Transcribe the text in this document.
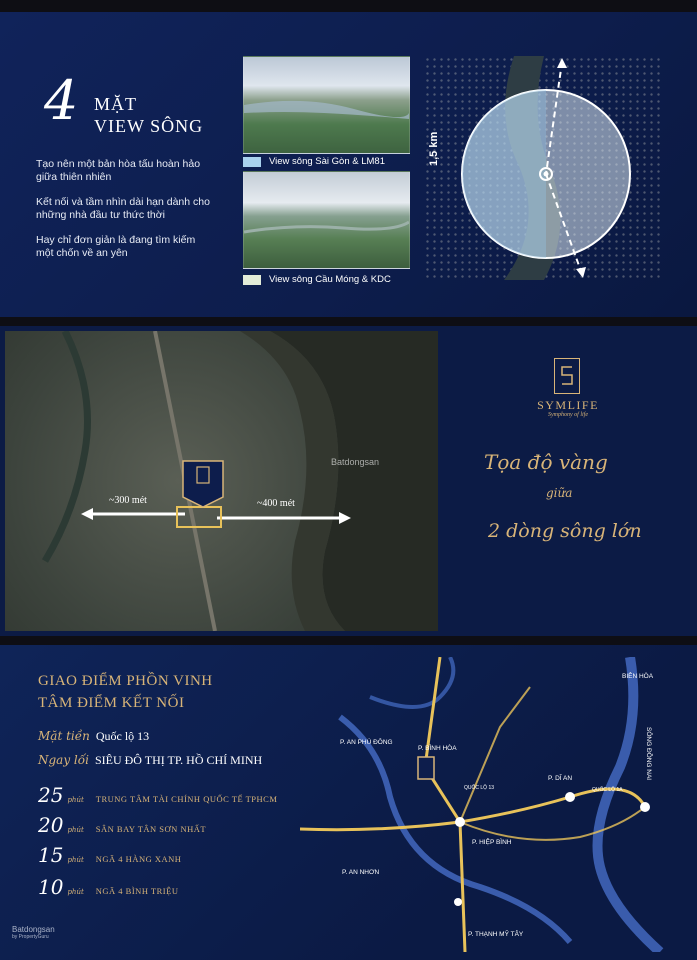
4 MẶT
VIEW SÔNG
Tạo nên một bản hòa tấu hoàn hảo
giữa thiên nhiên
Kết nối và tầm nhìn dài hạn dành cho
những nhà đầu tư thức thời
Hay chỉ đơn giản là đang tìm kiếm
một chốn về an yên
View sông Sài Gòn & LM81
View sông Cầu Móng & KDC
1,5 km
~300 mét	~400 mét
Batdongsan
SYMLIFE
Symphony of life
Tọa độ vàng
giữa
2 dòng sông lớn
GIAO ĐIỂM PHỒN VINH
TÂM ĐIỂM KẾT NỐI
Mặt tiền Quốc lộ 13
Ngay lối SIÊU ĐÔ THỊ TP. HỒ CHÍ MINH
25 phút TRUNG TÂM TÀI CHÍNH QUỐC TẾ TPHCM
20 phút SÂN BAY TÂN SƠN NHẤT
15 phút NGÃ 4 HÀNG XANH
10 phút NGÃ 4 BÌNH TRIỆU
Batdongsan
by PropertyGuru
BIÊN HÒA
SÔNG ĐỒNG NAI
P. AN PHÚ ĐÔNG
P. BÌNH HÒA
P. DĨ AN
P. HIỆP BÌNH
P. AN NHƠN
P. THẠNH MỸ TÂY
QUỐC LỘ 1A
QUỐC LỘ 13
